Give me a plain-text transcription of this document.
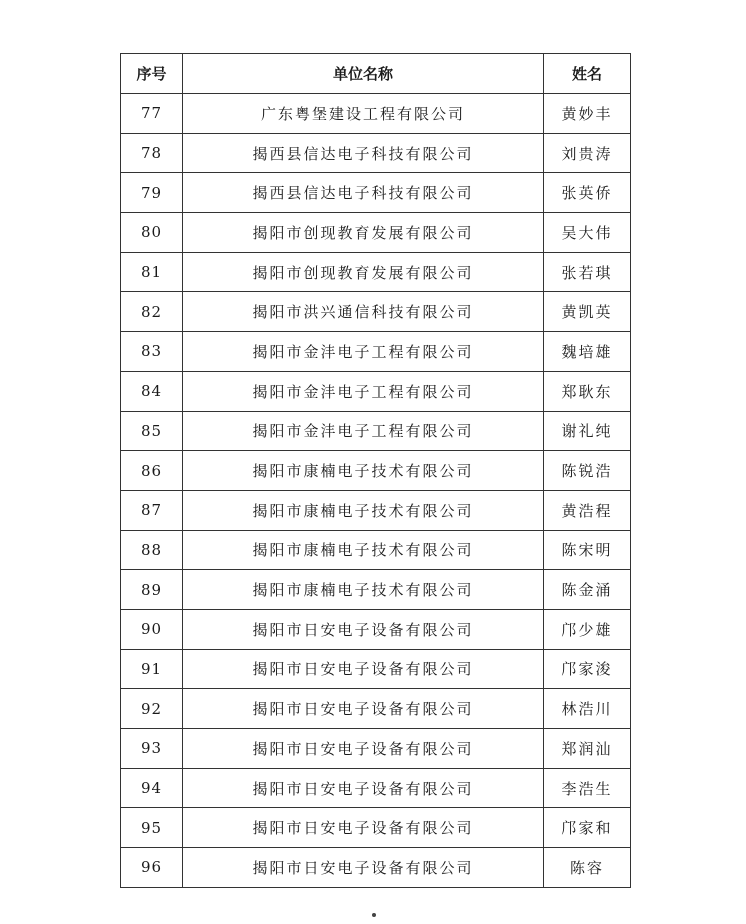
序号	单位名称	姓名
77	广东粤堡建设工程有限公司	黄妙丰
78	揭西县信达电子科技有限公司	刘贵涛
79	揭西县信达电子科技有限公司	张英侨
80	揭阳市创现教育发展有限公司	吴大伟
81	揭阳市创现教育发展有限公司	张若琪
82	揭阳市洪兴通信科技有限公司	黄凯英
83	揭阳市金沣电子工程有限公司	魏培雄
84	揭阳市金沣电子工程有限公司	郑耿东
85	揭阳市金沣电子工程有限公司	谢礼纯
86	揭阳市康楠电子技术有限公司	陈锐浩
87	揭阳市康楠电子技术有限公司	黄浩程
88	揭阳市康楠电子技术有限公司	陈宋明
89	揭阳市康楠电子技术有限公司	陈金涌
90	揭阳市日安电子设备有限公司	邝少雄
91	揭阳市日安电子设备有限公司	邝家浚
92	揭阳市日安电子设备有限公司	林浩川
93	揭阳市日安电子设备有限公司	郑润汕
94	揭阳市日安电子设备有限公司	李浩生
95	揭阳市日安电子设备有限公司	邝家和
96	揭阳市日安电子设备有限公司	陈容
